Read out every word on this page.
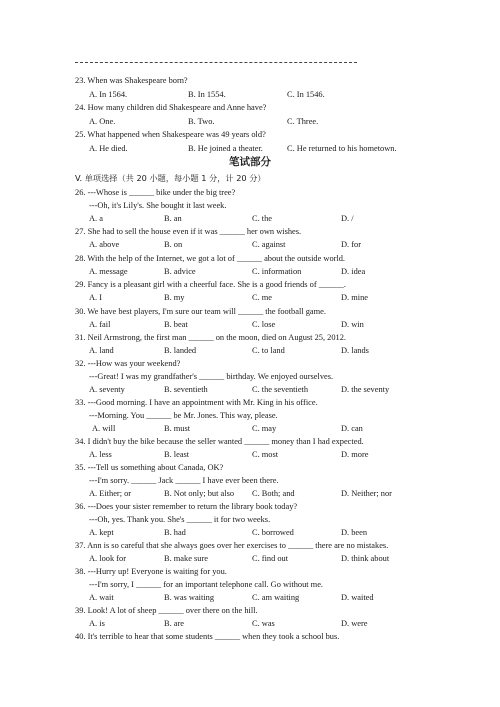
23. When was Shakespeare born?
A. In 1564.	B. In 1554.	C. In 1546.
24. How many children did Shakespeare and Anne have?
A. One.	B. Two.	C. Three.
25. What happened when Shakespeare was 49 years old?
A. He died.	B. He joined a theater.	C. He returned to his hometown.
笔试部分
V. 单项选择（共 20 小题，每小题 1 分，计 20 分）
26. ---Whose is ______ bike under the big tree?
---Oh, it's Lily's. She bought it last week.
A. a	B. an	C. the	D. /
27. She had to sell the house even if it was ______ her own wishes.
A. above	B. on	C. against	D. for
28. With the help of the Internet, we got a lot of ______ about the outside world.
A. message	B. advice	C. information	D. idea
29. Fancy is a pleasant girl with a cheerful face. She is a good friends of ______.
A. I	B. my	C. me	D. mine
30. We have best players, I'm sure our team will ______ the football game.
A. fail	B. beat	C. lose	D. win
31. Neil Armstrong, the first man ______ on the moon, died on August 25, 2012.
A. land	B. landed	C. to land	D. lands
32. ---How was your weekend?
---Great! I was my grandfather's ______ birthday. We enjoyed ourselves.
A. seventy	B. seventieth	C. the seventieth	D. the seventy
33. ---Good morning. I have an appointment with Mr. King in his office.
---Morning. You ______ be Mr. Jones. This way, please.
A. will	B. must	C. may	D. can
34. I didn't buy the bike because the seller wanted ______ money than I had expected.
A. less	B. least	C. most	D. more
35. ---Tell us something about Canada, OK?
---I'm sorry. ______ Jack ______ I have ever been there.
A. Either; or	B. Not only; but also C. Both; and	D. Neither; nor
36. ---Does your sister remember to return the library book today?
---Oh, yes. Thank you. She's ______ it for two weeks.
A. kept	B. had	C. borrowed	D. been
37. Ann is so careful that she always goes over her exercises to ______ there are no mistakes.
A. look for	B. make sure	C. find out	D. think about
38. ---Hurry up! Everyone is waiting for you.
---I'm sorry, I ______ for an important telephone call. Go without me.
A. wait	B. was waiting	C. am waiting	D. waited
39. Look! A lot of sheep ______ over there on the hill.
A. is	B. are	C. was	D. were
40. It's terrible to hear that some students ______ when they took a school bus.
